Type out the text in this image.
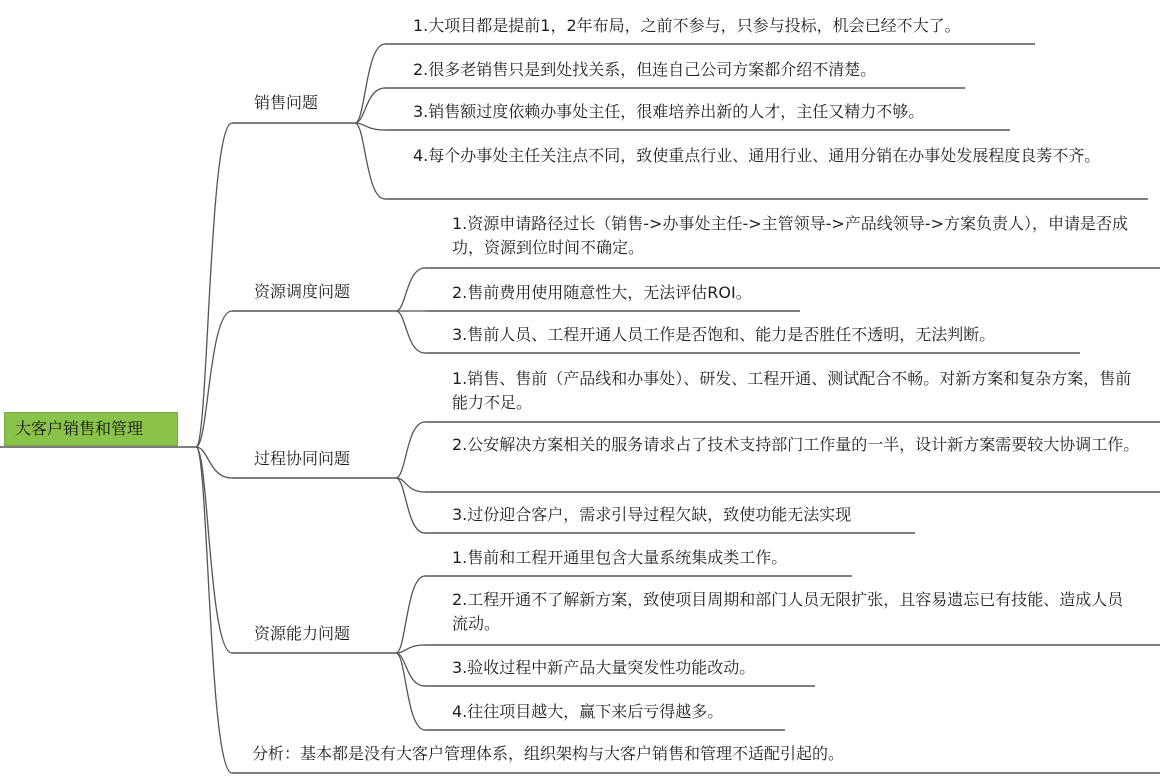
大客户销售和管理
销售问题
资源调度问题
过程协同问题
资源能力问题
1.大项目都是提前1，2年布局，之前不参与，只参与投标，机会已经不大了。
2.很多老销售只是到处找关系，但连自己公司方案都介绍不清楚。
3.销售额过度依赖办事处主任，很难培养出新的人才，主任又精力不够。
4.每个办事处主任关注点不同，致使重点行业、通用行业、通用分销在办事处发展程度良莠不齐。
1.资源申请路径过长（销售->办事处主任->主管领导->产品线领导->方案负责人），申请是否成功，资源到位时间不确定。
2.售前费用使用随意性大，无法评估ROI。
3.售前人员、工程开通人员工作是否饱和、能力是否胜任不透明，无法判断。
1.销售、售前（产品线和办事处）、研发、工程开通、测试配合不畅。对新方案和复杂方案，售前能力不足。
2.公安解决方案相关的服务请求占了技术支持部门工作量的一半，设计新方案需要较大协调工作。
3.过份迎合客户，需求引导过程欠缺，致使功能无法实现
1.售前和工程开通里包含大量系统集成类工作。
2.工程开通不了解新方案，致使项目周期和部门人员无限扩张，且容易遗忘已有技能、造成人员流动。
3.验收过程中新产品大量突发性功能改动。
4.往往项目越大，赢下来后亏得越多。
分析：基本都是没有大客户管理体系，组织架构与大客户销售和管理不适配引起的。
